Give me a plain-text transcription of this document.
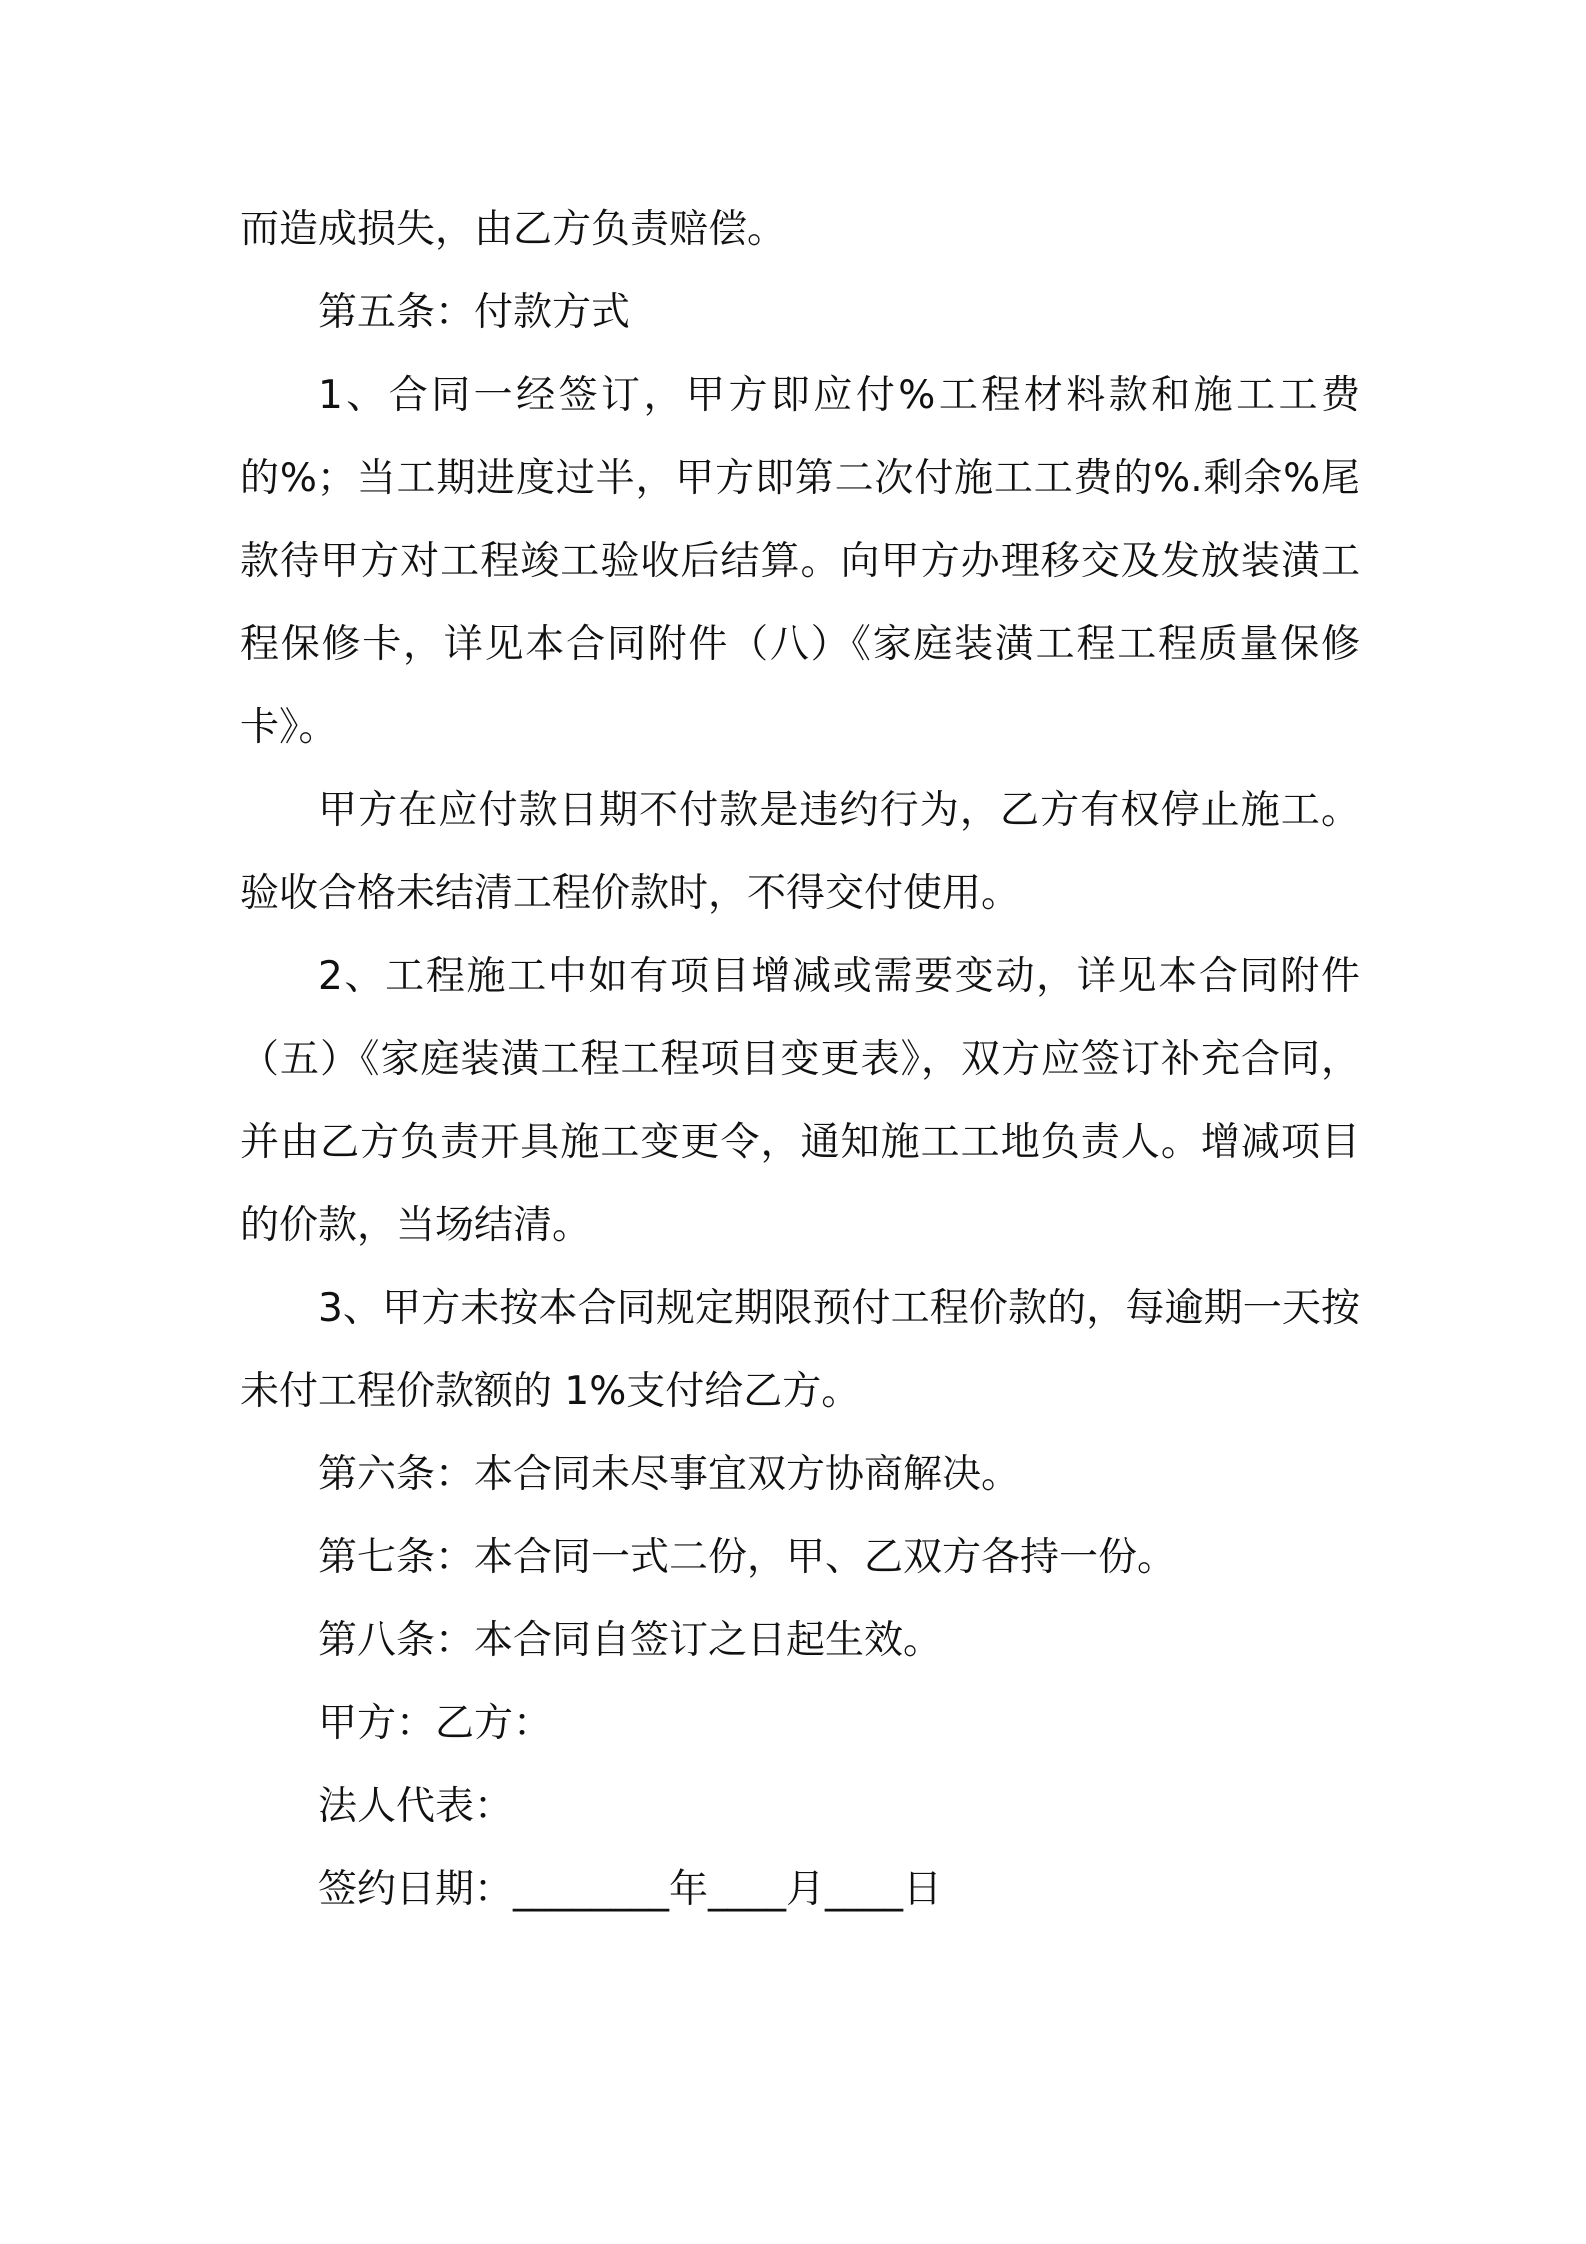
而造成损失，由乙方负责赔偿。

第五条：付款方式

1、合同一经签订，甲方即应付%工程材料款和施工工费的%；当工期进度过半，甲方即第二次付施工工费的%.剩余%尾款待甲方对工程竣工验收后结算。向甲方办理移交及发放装潢工程保修卡，详见本合同附件（八）《家庭装潢工程工程质量保修卡》。

甲方在应付款日期不付款是违约行为，乙方有权停止施工。验收合格未结清工程价款时，不得交付使用。

2、工程施工中如有项目增减或需要变动，详见本合同附件（五）《家庭装潢工程工程项目变更表》，双方应签订补充合同，并由乙方负责开具施工变更令，通知施工工地负责人。增减项目的价款，当场结清。

3、甲方未按本合同规定期限预付工程价款的，每逾期一天按未付工程价款额的 1%支付给乙方。

第六条：本合同未尽事宜双方协商解决。

第七条：本合同一式二份，甲、乙双方各持一份。

第八条：本合同自签订之日起生效。

甲方：乙方：

法人代表：

签约日期：________年____月____日
